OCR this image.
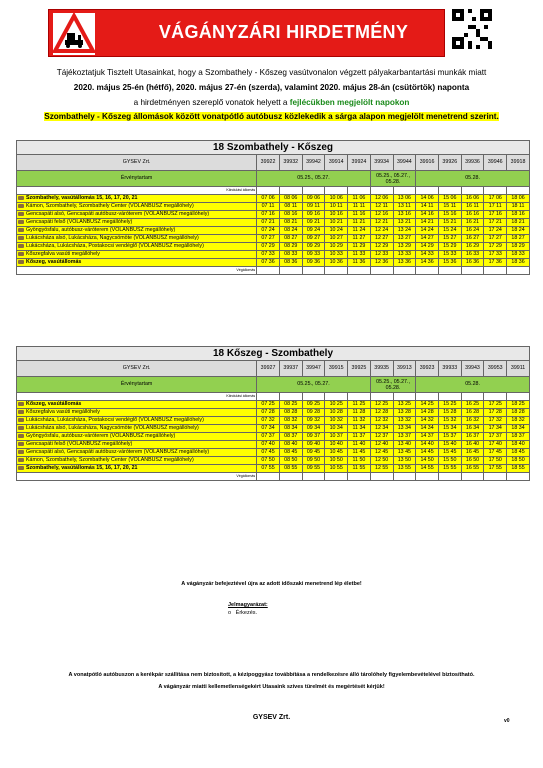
VÁGÁNYZÁRI HIRDETMÉNY
Tájékoztatjuk Tisztelt Utasainkat, hogy a Szombathely - Kőszeg vasútvonalon végzett pályakarbantartási munkák miatt
2020. május 25-én (hétfő), 2020. május 27-én (szerda), valamint 2020. május 28-án (csütörtök) naponta
a hirdetményen szereplő vonatok helyett a fejlécükben megjelölt napokon
Szombathely - Kőszeg állomások között vonatpótló autóbusz közlekedik a sárga alapon megjelölt menetrend szerint.
18 Szombathely - Kőszeg												
GYSEV Zrt.	39922	39932	39942	39914	39924	39934	39944	39916	39926	39936	39946	39918
Érvénytartam	05.25., 05.27.					05.25., 05.27., 05.28.		05.28.				
Kiindulási állomás												
Szombathely, vasútállomás 15, 16, 17, 20, 21	07 06	08 06	09 06	10 06	11 06	12 06	13 06	14 06	15 06	16 06	17 06	18 06
Kámon, Szombathely, Szombathely Center (VOLÁNBUSZ megállóhely)	07 11	08 11	09 11	10 11	11 11	12 11	13 11	14 11	15 11	16 11	17 11	18 11
Gencsapáti alsó, Gencsapáti autóbusz-váróterem (VOLÁNBUSZ megállóhely)	07 16	08 16	09 16	10 16	11 16	12 16	13 16	14 16	15 16	16 16	17 16	18 16
Gencsapáti felső (VOLÁNBUSZ megállóhely)	07 21	08 21	09 21	10 21	11 21	12 21	13 21	14 21	15 21	16 21	17 21	18 21
Gyöngyösfalu, autóbusz-váróterem (VOLÁNBUSZ megállóhely)	07 24	08 24	09 24	10 24	11 24	12 24	13 24	14 24	15 24	16 24	17 24	18 24
Lukácsháza alsó, Lukácsháza, Nagycsömöte (VOLÁNBUSZ megállóhely)	07 27	08 27	09 27	10 27	11 27	12 27	13 27	14 27	15 27	16 27	17 27	18 27
Lukácsháza, Lukácsháza, Postakocsi vendéglő (VOLÁNBUSZ megállóhely)	07 29	08 29	09 29	10 29	11 29	12 29	13 29	14 29	15 29	16 29	17 29	18 29
Kőszegfalva vasúti megállóhely	07 33	08 33	09 33	10 33	11 33	12 33	13 33	14 33	15 33	16 33	17 33	18 33
Kőszeg, vasútállomás	07 36	08 36	09 36	10 36	11 36	12 36	13 36	14 36	15 36	16 36	17 36	18 36
Végállomás												
18 Kőszeg - Szombathely												
GYSEV Zrt.	39927	39937	39947	39915	39925	39935	39913	39923	39933	39943	39953	39911
Érvénytartam	05.25., 05.27.					05.25., 05.27., 05.28.		05.28.				
Kiindulási állomás												
Kőszeg, vasútállomás	07 25	08 25	09 25	10 25	11 25	12 25	13 25	14 25	15 25	16 25	17 25	18 25
Kőszegfalva vasúti megállóhely	07 28	08 28	09 28	10 28	11 28	12 28	13 28	14 28	15 28	16 28	17 28	18 28
Lukácsháza, Lukácsháza, Postakocsi vendéglő (VOLÁNBUSZ megállóhely)	07 32	08 32	09 32	10 32	11 32	12 32	13 32	14 32	15 32	16 32	17 32	18 32
Lukácsháza alsó, Lukácsháza, Nagycsömöte (VOLÁNBUSZ megállóhely)	07 34	08 34	09 34	10 34	11 34	12 34	13 34	14 34	15 34	16 34	17 34	18 34
Gyöngyösfalu, autóbusz-váróterem (VOLÁNBUSZ megállóhely)	07 37	08 37	09 37	10 37	11 37	12 37	13 37	14 37	15 37	16 37	17 37	18 37
Gencsapáti felső (VOLÁNBUSZ megállóhely)	07 40	08 40	09 40	10 40	11 40	12 40	13 40	14 40	15 40	16 40	17 40	18 40
Gencsapáti alsó, Gencsapáti autóbusz-váróterem (VOLÁNBUSZ megállóhely)	07 45	08 45	09 45	10 45	11 45	12 45	13 45	14 45	15 45	16 45	17 45	18 45
Kámon, Szombathely, Szombathely Center (VOLÁNBUSZ megállóhely)	07 50	08 50	09 50	10 50	11 50	12 50	13 50	14 50	15 50	16 50	17 50	18 50
Szombathely, vasútállomás 15, 16, 17, 20, 21	07 55	08 55	09 55	10 55	11 55	12 55	13 55	14 55	15 55	16 55	17 55	18 55
Végállomás												
A vágányzár befejeztével újra az adott időszaki menetrend lép életbe!
Jelmagyarázat:
o Érkezés.
A vonatpótló autóbuszon a kerékpár szállítása nem biztosított, a kézipoggyász továbbítása a rendelkezésre álló tárolóhely figyelembevételével biztosítható.
A vágányzár miatti kellemetlenségekért Utasaink szíves türelmét és megértését kérjük!
GYSEV Zrt.	v0
